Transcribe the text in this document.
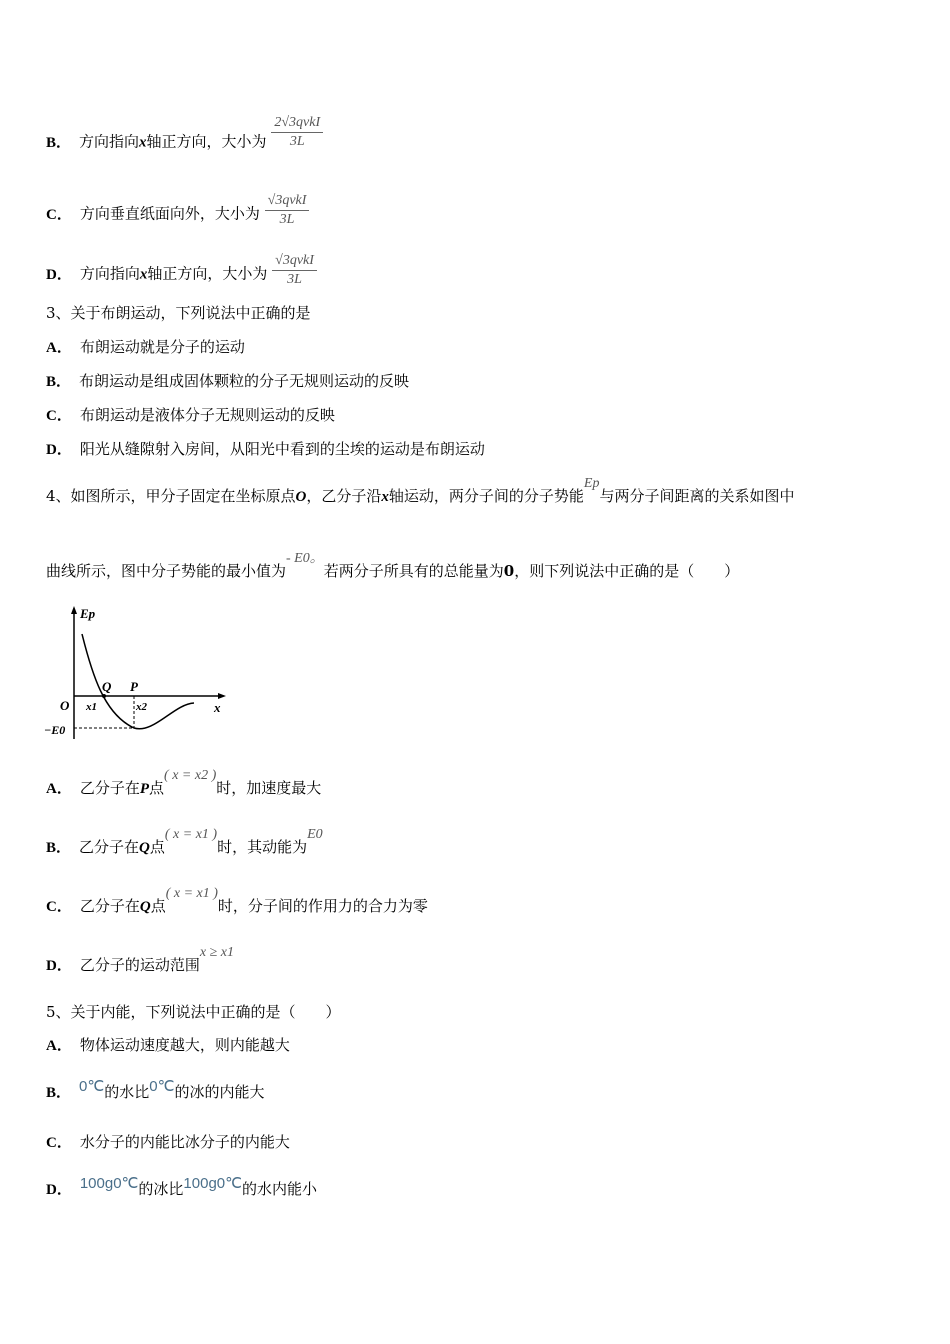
B． 方向指向x轴正方向，大小为 $\frac{\text{2√3qvkI}}{3L}$
C． 方向垂直纸面向外，大小为 $\frac{\text{√3qvkI}}{3L}$
D． 方向指向x轴正方向，大小为 $\frac{\text{√3qvkI}}{3L}$
3、关于布朗运动，下列说法中正确的是
A． 布朗运动就是分子的运动
B． 布朗运动是组成固体颗粒的分子无规则运动的反映
C． 布朗运动是液体分子无规则运动的反映
D． 阳光从缝隙射入房间，从阳光中看到的尘埃的运动是布朗运动
4、如图所示，甲分子固定在坐标原点O，乙分子沿x轴运动，两分子间的分子势能Ep与两分子间距离的关系如图中
曲线所示，图中分子势能的最小值为- E0。若两分子所具有的总能量为0，则下列说法中正确的是（　　）
Ep
x
O
Q P
x1	x2
−E0
A． 乙分子在P点( x = x2 )时，加速度最大
B． 乙分子在Q点( x = x1 )时，其动能为E0
C． 乙分子在Q点( x = x1 )时，分子间的作用力的合力为零
D． 乙分子的运动范围x ≥ x1
5、关于内能，下列说法中正确的是（　　）
A． 物体运动速度越大，则内能越大
B． 0℃的水比0℃的冰的内能大
C． 水分子的内能比冰分子的内能大
D． 100g0℃的冰比100g0℃的水内能小
